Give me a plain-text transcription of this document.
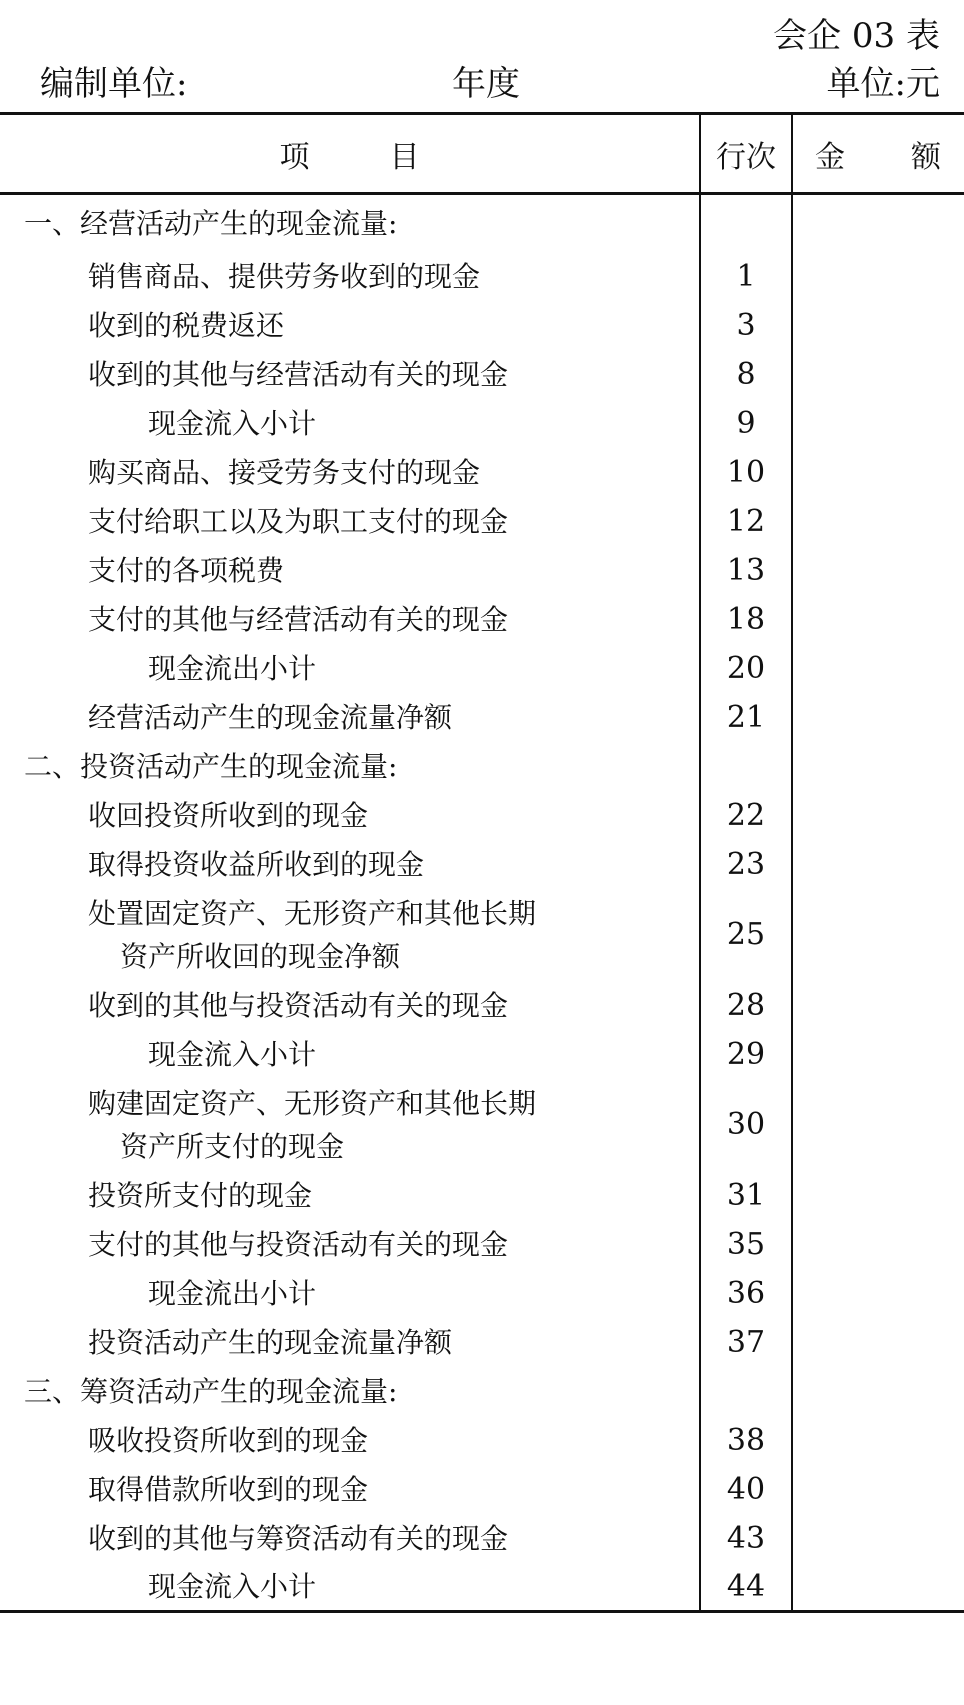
会企 03 表
编制单位:	年度	单位:元
项目	行次	金 额

一、经营活动产生的现金流量:		
销售商品、提供劳务收到的现金	1	
收到的税费返还	3	
收到的其他与经营活动有关的现金	8	
现金流入小计	9	
购买商品、接受劳务支付的现金	10	
支付给职工以及为职工支付的现金	12	
支付的各项税费	13	
支付的其他与经营活动有关的现金	18	
现金流出小计	20	
经营活动产生的现金流量净额	21	
二、投资活动产生的现金流量:		
收回投资所收到的现金	22	
取得投资收益所收到的现金	23	
处置固定资产、无形资产和其他长期
资产所收回的现金净额	25	
收到的其他与投资活动有关的现金	28	
现金流入小计	29	
购建固定资产、无形资产和其他长期
资产所支付的现金	30	
投资所支付的现金	31	
支付的其他与投资活动有关的现金	35	
现金流出小计	36	
投资活动产生的现金流量净额	37	
三、筹资活动产生的现金流量:		
吸收投资所收到的现金	38	
取得借款所收到的现金	40	
收到的其他与筹资活动有关的现金	43	
现金流入小计	44	
